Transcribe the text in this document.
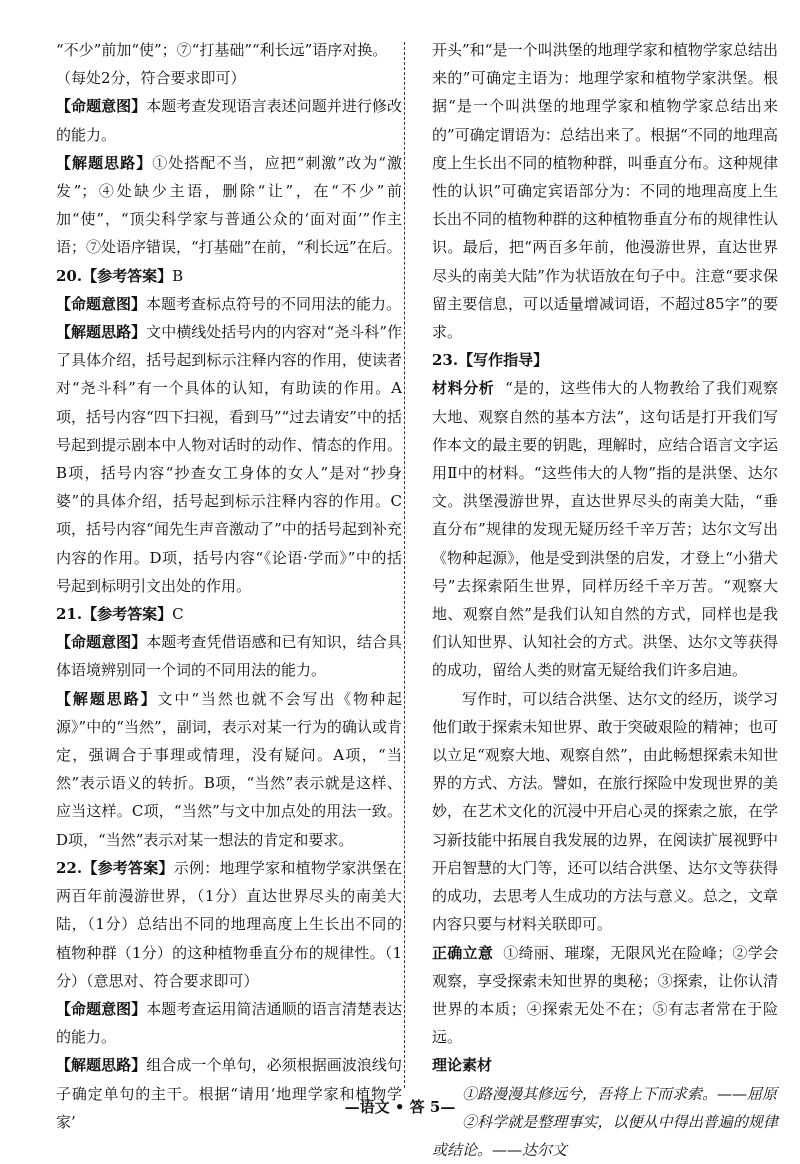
“不少”前加“使”；⑦“打基础”“利长远”语序对换。

（每处2分，符合要求即可）

【命题意图】本题考查发现语言表述问题并进行修改的能力。

【解题思路】①处搭配不当，应把“刺激”改为“激发”；④处缺少主语，删除“让”，在“不少”前加“使”，“顶尖科学家与普通公众的‘面对面’”作主语；⑦处语序错误，“打基础”在前，“利长远”在后。

20.【参考答案】B

【命题意图】本题考查标点符号的不同用法的能力。

【解题思路】文中横线处括号内的内容对“尧斗科”作了具体介绍，括号起到标示注释内容的作用，使读者对“尧斗科”有一个具体的认知，有助读的作用。A项，括号内容“四下扫视，看到马”“过去请安”中的括号起到提示剧本中人物对话时的动作、情态的作用。B项，括号内容“抄查女工身体的女人”是对“抄身婆”的具体介绍，括号起到标示注释内容的作用。C项，括号内容“闻先生声音激动了”中的括号起到补充内容的作用。D项，括号内容“《论语·学而》”中的括号起到标明引文出处的作用。

21.【参考答案】C

【命题意图】本题考查凭借语感和已有知识，结合具体语境辨别同一个词的不同用法的能力。

【解题思路】文中“当然也就不会写出《物种起源》”中的“当然”，副词，表示对某一行为的确认或肯定，强调合于事理或情理，没有疑问。A项，“当然”表示语义的转折。B项，“当然”表示就是这样、应当这样。C项，“当然”与文中加点处的用法一致。D项，“当然”表示对某一想法的肯定和要求。

22.【参考答案】示例：地理学家和植物学家洪堡在两百年前漫游世界，（1分）直达世界尽头的南美大陆，（1分）总结出不同的地理高度上生长出不同的植物种群（1分）的这种植物垂直分布的规律性。（1分）（意思对、符合要求即可）

【命题意图】本题考查运用简洁通顺的语言清楚表达的能力。

【解题思路】组合成一个单句，必须根据画波浪线句子确定单句的主干。根据“请用‘地理学家和植物学家’

开头”和“是一个叫洪堡的地理学家和植物学家总结出来的”可确定主语为：地理学家和植物学家洪堡。根据“是一个叫洪堡的地理学家和植物学家总结出来的”可确定谓语为：总结出来了。根据“不同的地理高度上生长出不同的植物种群，叫垂直分布。这种规律性的认识”可确定宾语部分为：不同的地理高度上生长出不同的植物种群的这种植物垂直分布的规律性认识。最后，把“两百多年前，他漫游世界，直达世界尽头的南美大陆”作为状语放在句子中。注意“要求保留主要信息，可以适量增减词语，不超过85字”的要求。

23.【写作指导】

材料分析 “是的，这些伟大的人物教给了我们观察大地、观察自然的基本方法”，这句话是打开我们写作本文的最主要的钥匙，理解时，应结合语言文字运用Ⅱ中的材料。“这些伟大的人物”指的是洪堡、达尔文。洪堡漫游世界，直达世界尽头的南美大陆，“垂直分布”规律的发现无疑历经千辛万苦；达尔文写出《物种起源》，他是受到洪堡的启发，才登上“小猎犬号”去探索陌生世界，同样历经千辛万苦。“观察大地、观察自然”是我们认知自然的方式，同样也是我们认知世界、认知社会的方式。洪堡、达尔文等获得的成功，留给人类的财富无疑给我们许多启迪。

写作时，可以结合洪堡、达尔文的经历，谈学习他们敢于探索未知世界、敢于突破艰险的精神；也可以立足“观察大地、观察自然”，由此畅想探索未知世界的方式、方法。譬如，在旅行探险中发现世界的美妙，在艺术文化的沉浸中开启心灵的探索之旅，在学习新技能中拓展自我发展的边界，在阅读扩展视野中开启智慧的大门等，还可以结合洪堡、达尔文等获得的成功，去思考人生成功的方法与意义。总之，文章内容只要与材料关联即可。

正确立意 ①绮丽、璀璨，无限风光在险峰；②学会观察，享受探索未知世界的奥秘；③探索，让你认清世界的本质；④探索无处不在；⑤有志者常在于险远。

理论素材

①路漫漫其修远兮，吾将上下而求索。——屈原

②科学就是整理事实，以便从中得出普遍的规律或结论。——达尔文

—语文 • 答 5—
